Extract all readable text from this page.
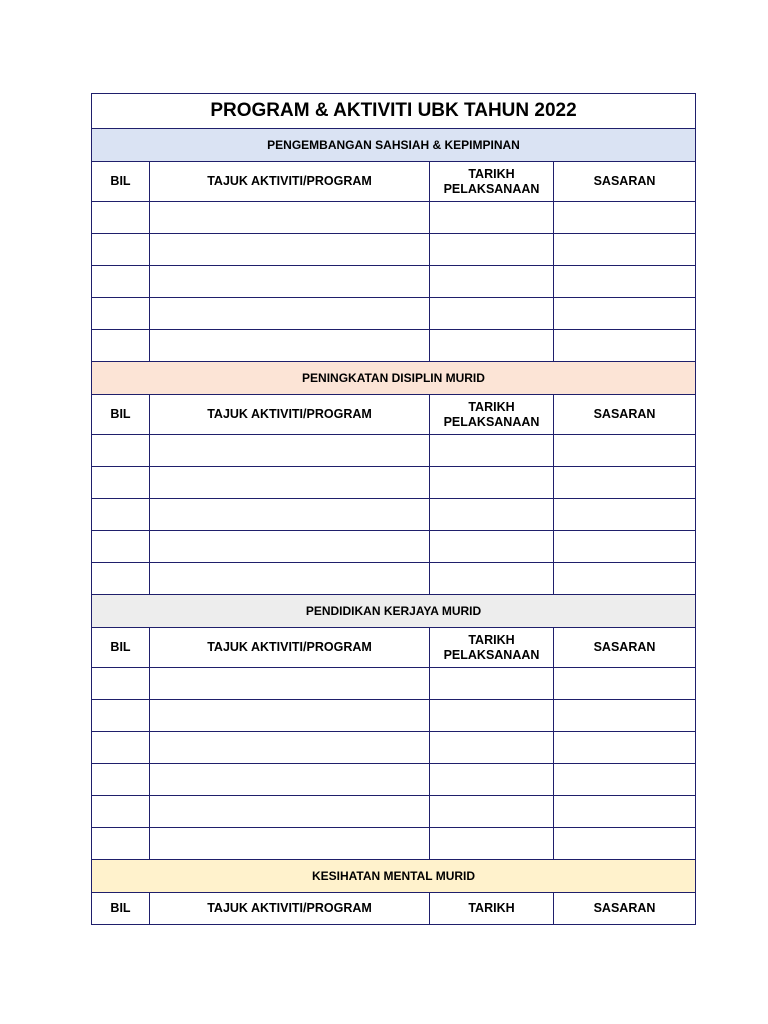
PROGRAM & AKTIVITI UBK TAHUN 2022			
PENGEMBANGAN SAHSIAH & KEPIMPINAN			
BIL	TAJUK AKTIVITI/PROGRAM	TARIKH PELAKSANAAN	SASARAN

PENINGKATAN DISIPLIN MURID			
BIL	TAJUK AKTIVITI/PROGRAM	TARIKH PELAKSANAAN	SASARAN

PENDIDIKAN KERJAYA MURID			
BIL	TAJUK AKTIVITI/PROGRAM	TARIKH PELAKSANAAN	SASARAN

KESIHATAN MENTAL MURID			
BIL	TAJUK AKTIVITI/PROGRAM	TARIKH	SASARAN
